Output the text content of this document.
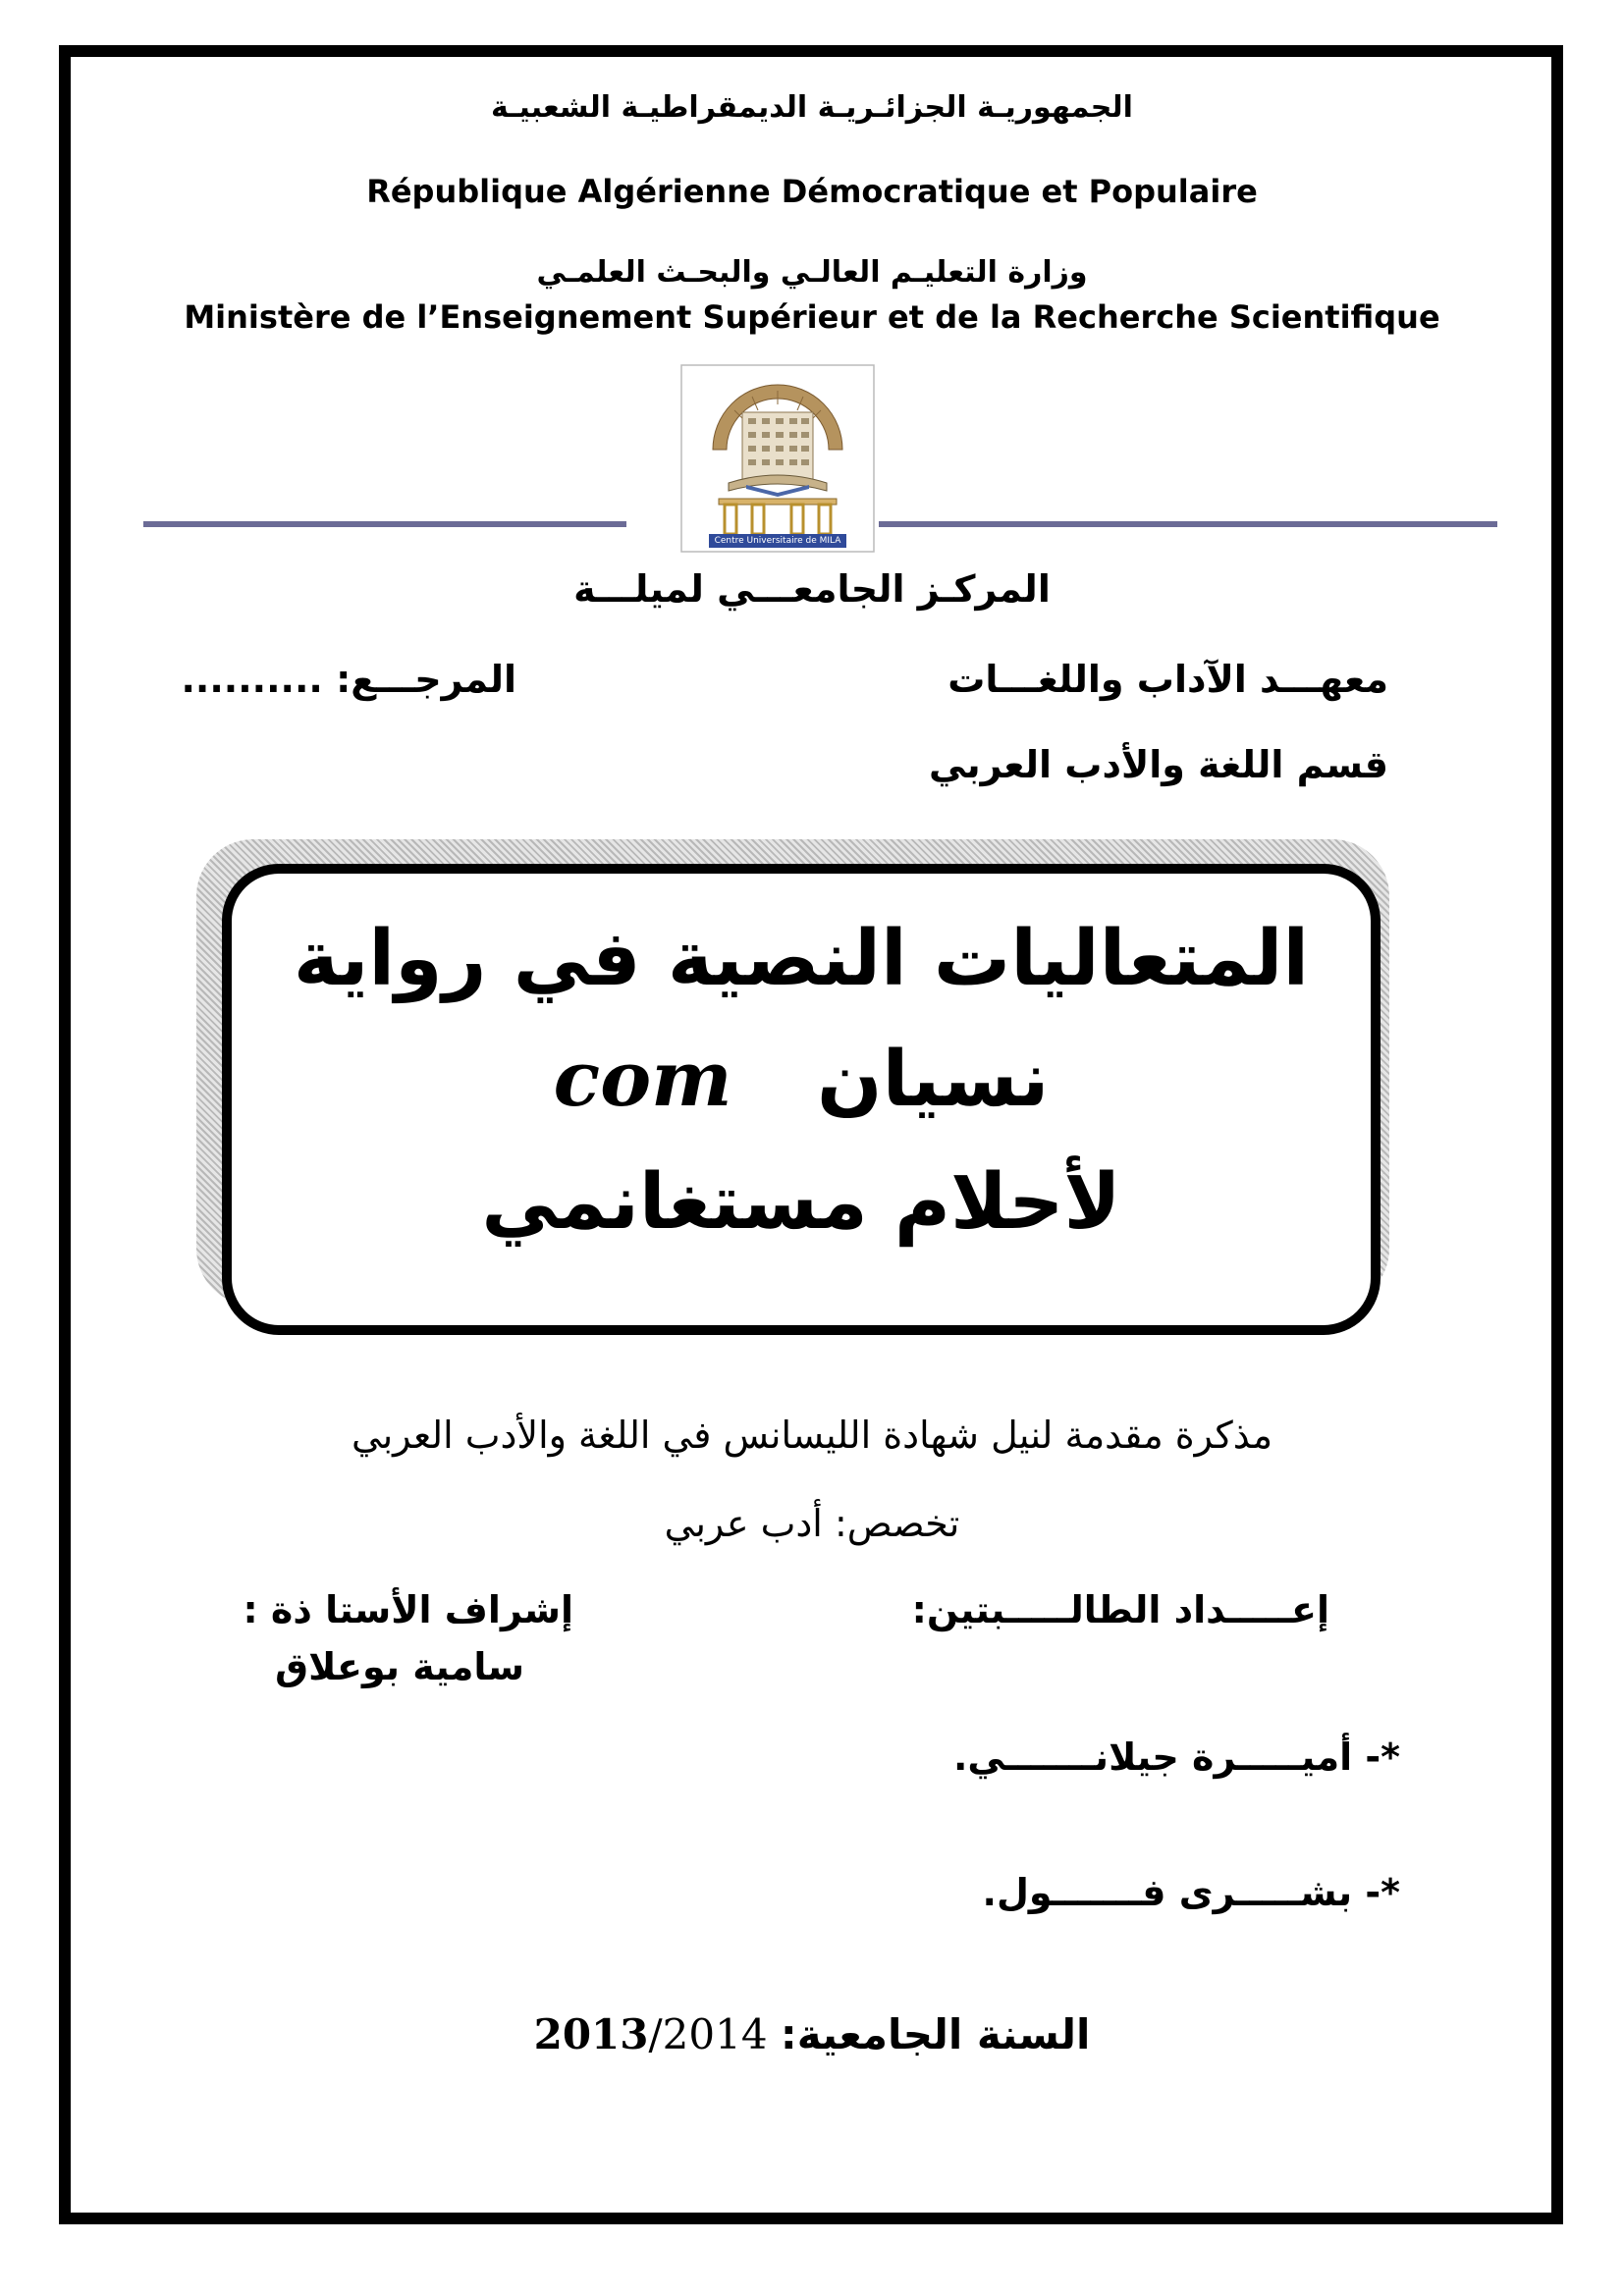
الجمهوريـة الجزائـريـة الديمقراطيـة الشعبيـة
République Algérienne Démocratique et Populaire
وزارة التعليـم العالـي والبحـث العلمـي
Ministère de l’Enseignement Supérieur et de la Recherche Scientifique
Centre Universitaire de MILA
المركـز الجامعـــي لميلـــة
معهـــد الآداب واللغـــات
المرجـــع: ..........
قسم اللغة والأدب العربي
المتعاليات النصية في رواية
نسيان  com
لأحلام مستغانمي
مذكرة مقدمة لنيل شهادة الليسانس في اللغة والأدب العربي
تخصص: أدب عربي
إعـــــداد الطالـــــبتين:
إشراف الأستا ذة :
سامية بوعلاق
*- أميـــــرة جيلانـــــــي.
*- بشـــــرى فـــــــول.
السنة الجامعية: 2013/2014
